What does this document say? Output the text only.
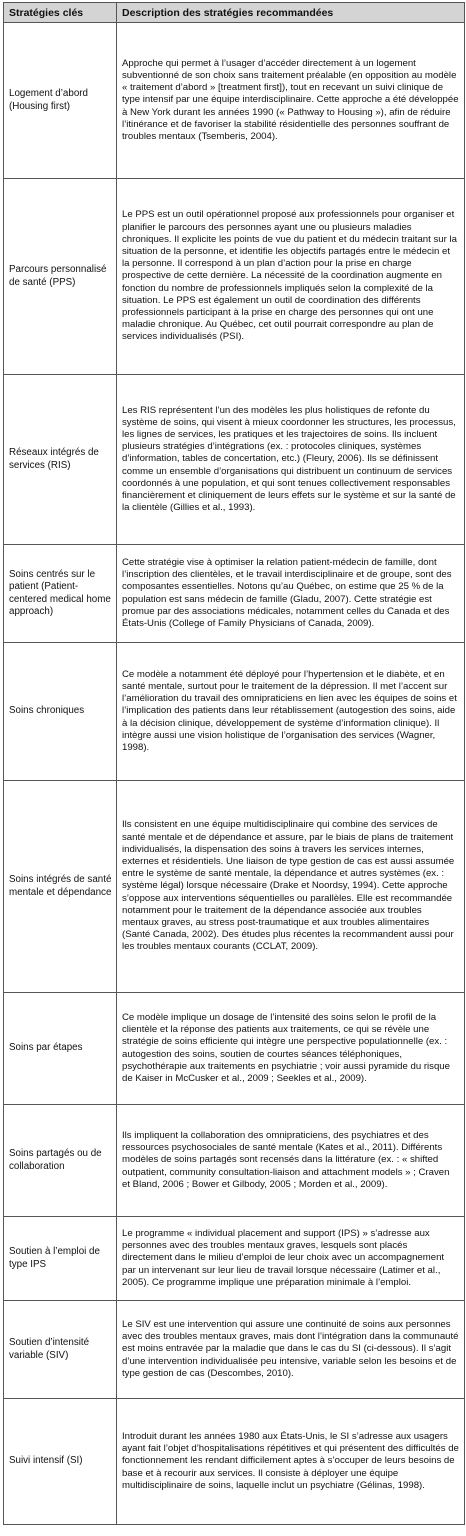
Stratégies clés	Description des stratégies recommandées
Logement d’abord (Housing first)	Approche qui permet à l’usager d’accéder directement à un logement subventionné de son choix sans traitement préalable (en opposition au modèle « traitement d’abord » [treatment first]), tout en recevant un suivi clinique de type intensif par une équipe interdisciplinaire. Cette approche a été développée à New York durant les années 1990 (« Pathway to Housing »), afin de réduire l’itinérance et de favoriser la stabilité résidentielle des personnes souffrant de troubles mentaux (Tsemberis, 2004).
Parcours personnalisé de santé (PPS)	Le PPS est un outil opérationnel proposé aux professionnels pour organiser et planifier le parcours des personnes ayant une ou plusieurs maladies chroniques. Il explicite les points de vue du patient et du médecin traitant sur la situation de la personne, et identifie les objectifs partagés entre le médecin et la personne. Il correspond à un plan d’action pour la prise en charge prospective de cette dernière. La nécessité de la coordination augmente en fonction du nombre de professionnels impliqués selon la complexité de la situation. Le PPS est également un outil de coordination des différents professionnels participant à la prise en charge des personnes qui ont une maladie chronique. Au Québec, cet outil pourrait correspondre au plan de services individualisés (PSI).
Réseaux intégrés de services (RIS)	Les RIS représentent l’un des modèles les plus holistiques de refonte du système de soins, qui visent à mieux coordonner les structures, les processus, les lignes de services, les pratiques et les trajectoires de soins. Ils incluent plusieurs stratégies d’intégrations (ex. : protocoles cliniques, systèmes d’information, tables de concertation, etc.) (Fleury, 2006). Ils se définissent comme un ensemble d’organisations qui distribuent un continuum de services coordonnés à une population, et qui sont tenues collectivement responsables financièrement et cliniquement de leurs effets sur le système et sur la santé de la clientèle (Gillies et al., 1993).
Soins centrés sur le patient (Patient-centered medical home approach)	Cette stratégie vise à optimiser la relation patient-médecin de famille, dont l’inscription des clientèles, et le travail interdisciplinaire et de groupe, sont des composantes essentielles. Notons qu’au Québec, on estime que 25 % de la population est sans médecin de famille (Gladu, 2007). Cette stratégie est promue par des associations médicales, notamment celles du Canada et des États-Unis (College of Family Physicians of Canada, 2009).
Soins chroniques	Ce modèle a notamment été déployé pour l’hypertension et le diabète, et en santé mentale, surtout pour le traitement de la dépression. Il met l’accent sur l’amélioration du travail des omnipraticiens en lien avec les équipes de soins et l’implication des patients dans leur rétablissement (autogestion des soins, aide à la décision clinique, développement de système d’information clinique). Il intègre aussi une vision holistique de l’organisation des services (Wagner, 1998).
Soins intégrés de santé mentale et dépendance	Ils consistent en une équipe multidisciplinaire qui combine des services de santé mentale et de dépendance et assure, par le biais de plans de traitement individualisés, la dispensation des soins à travers les services internes, externes et résidentiels. Une liaison de type gestion de cas est aussi assumée entre le système de santé mentale, la dépendance et autres systèmes (ex. : système légal) lorsque nécessaire (Drake et Noordsy, 1994). Cette approche s’oppose aux interventions séquentielles ou parallèles. Elle est recommandée notamment pour le traitement de la dépendance associée aux troubles mentaux graves, au stress post-traumatique et aux troubles alimentaires (Santé Canada, 2002). Des études plus récentes la recommandent aussi pour les troubles mentaux courants (CCLAT, 2009).
Soins par étapes	Ce modèle implique un dosage de l’intensité des soins selon le profil de la clientèle et la réponse des patients aux traitements, ce qui se révèle une stratégie de soins efficiente qui intègre une perspective populationnelle (ex. : autogestion des soins, soutien de courtes séances téléphoniques, psychothérapie aux traitements en psychiatrie ; voir aussi pyramide du risque de Kaiser in McCusker et al., 2009 ; Seekles et al., 2009).
Soins partagés ou de collaboration	Ils impliquent la collaboration des omnipraticiens, des psychiatres et des ressources psychosociales de santé mentale (Kates et al., 2011). Différents modèles de soins partagés sont recensés dans la littérature (ex. : « shifted outpatient, community consultation-liaison and attachment models » ; Craven et Bland, 2006 ; Bower et Gilbody, 2005 ; Morden et al., 2009).
Soutien à l’emploi de type IPS	Le programme « individual placement and support (IPS) » s’adresse aux personnes avec des troubles mentaux graves, lesquels sont placés directement dans le milieu d’emploi de leur choix avec un accompagnement par un intervenant sur leur lieu de travail lorsque nécessaire (Latimer et al., 2005). Ce programme implique une préparation minimale à l’emploi.
Soutien d’intensité variable (SIV)	Le SIV est une intervention qui assure une continuité de soins aux personnes avec des troubles mentaux graves, mais dont l’intégration dans la communauté est moins entravée par la maladie que dans le cas du SI (ci-dessous). Il s’agit d’une intervention individualisée peu intensive, variable selon les besoins et de type gestion de cas (Descombes, 2010).
Suivi intensif (SI)	Introduit durant les années 1980 aux États-Unis, le SI s’adresse aux usagers ayant fait l’objet d’hospitalisations répétitives et qui présentent des difficultés de fonctionnement les rendant difficilement aptes à s’occuper de leurs besoins de base et à recourir aux services. Il consiste à déployer une équipe multidisciplinaire de soins, laquelle inclut un psychiatre (Gélinas, 1998).
